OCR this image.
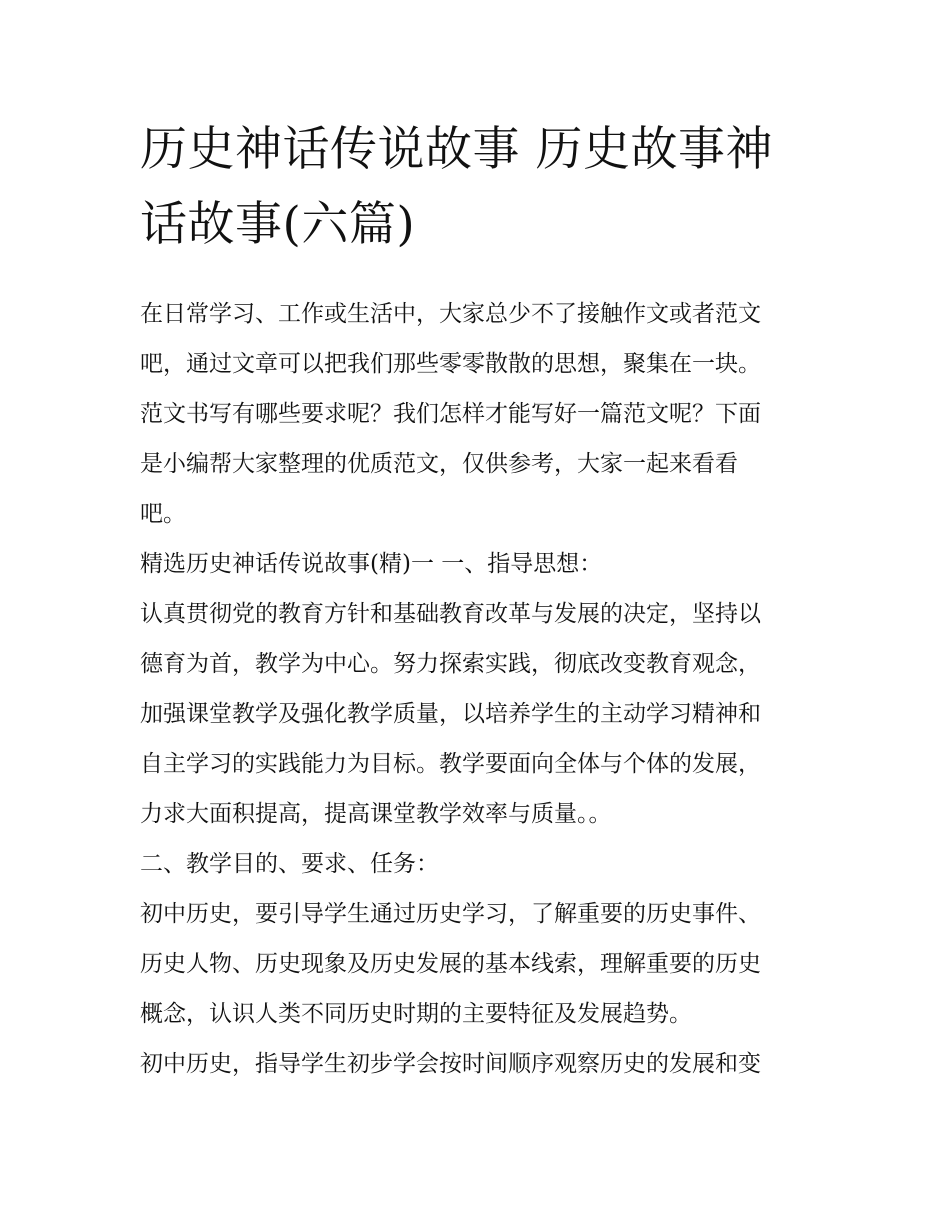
历史神话传说故事 历史故事神
话故事(六篇)
在日常学习、工作或生活中，大家总少不了接触作文或者范文
吧，通过文章可以把我们那些零零散散的思想，聚集在一块。
范文书写有哪些要求呢？我们怎样才能写好一篇范文呢？下面
是小编帮大家整理的优质范文，仅供参考，大家一起来看看
吧。
精选历史神话传说故事(精)一 一、指导思想：
认真贯彻党的教育方针和基础教育改革与发展的决定，坚持以
德育为首，教学为中心。努力探索实践，彻底改变教育观念，
加强课堂教学及强化教学质量，以培养学生的主动学习精神和
自主学习的实践能力为目标。教学要面向全体与个体的发展，
力求大面积提高，提高课堂教学效率与质量。。
二、教学目的、要求、任务：
初中历史，要引导学生通过历史学习，了解重要的历史事件、
历史人物、历史现象及历史发展的基本线索，理解重要的历史
概念，认识人类不同历史时期的主要特征及发展趋势。
初中历史，指导学生初步学会按时间顺序观察历史的发展和变
